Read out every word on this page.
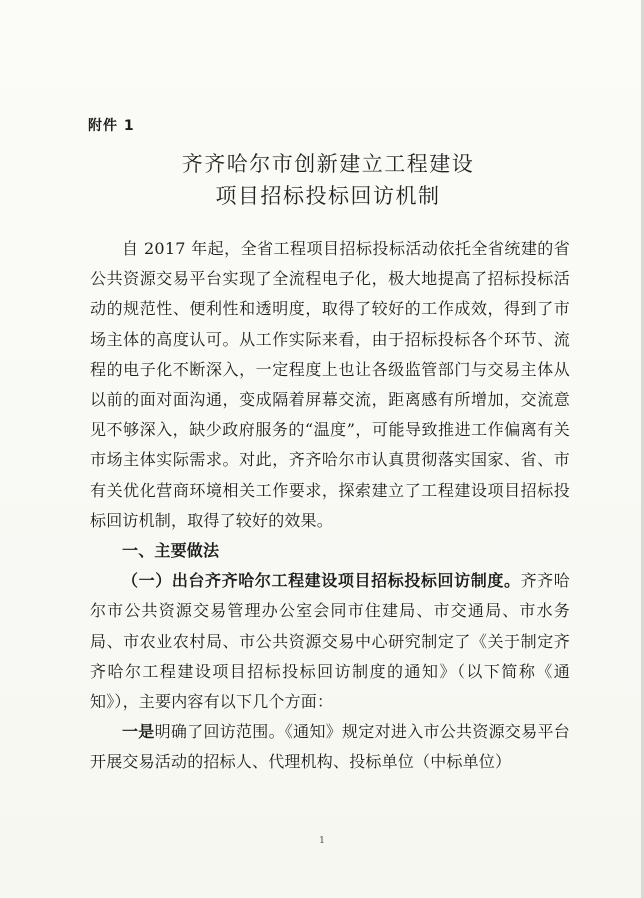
附件 1
齐齐哈尔市创新建立工程建设
项目招标投标回访机制

自 2017 年起，全省工程项目招标投标活动依托全省统建的省公共资源交易平台实现了全流程电子化，极大地提高了招标投标活动的规范性、便利性和透明度，取得了较好的工作成效，得到了市场主体的高度认可。从工作实际来看，由于招标投标各个环节、流程的电子化不断深入，一定程度上也让各级监管部门与交易主体从以前的面对面沟通，变成隔着屏幕交流，距离感有所增加，交流意见不够深入，缺少政府服务的“温度”，可能导致推进工作偏离有关市场主体实际需求。对此，齐齐哈尔市认真贯彻落实国家、省、市有关优化营商环境相关工作要求，探索建立了工程建设项目招标投标回访机制，取得了较好的效果。

一、主要做法

（一）出台齐齐哈尔工程建设项目招标投标回访制度。齐齐哈尔市公共资源交易管理办公室会同市住建局、市交通局、市水务局、市农业农村局、市公共资源交易中心研究制定了《关于制定齐齐哈尔工程建设项目招标投标回访制度的通知》（以下简称《通知》），主要内容有以下几个方面：

一是明确了回访范围。《通知》规定对进入市公共资源交易平台开展交易活动的招标人、代理机构、投标单位（中标单位）

1
